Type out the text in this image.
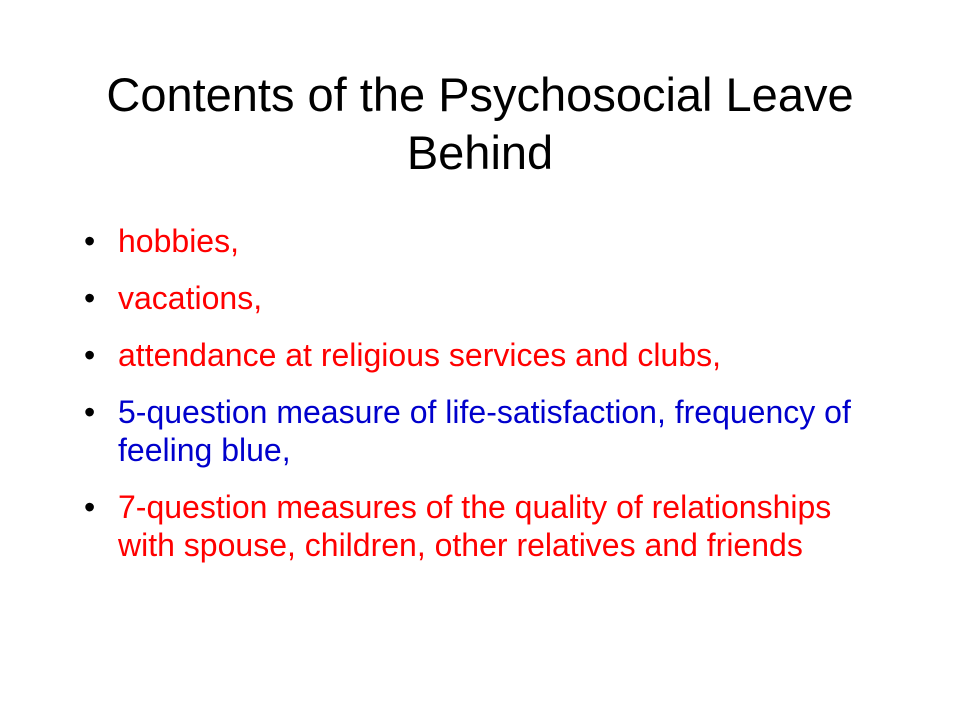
Contents of the Psychosocial Leave Behind
• hobbies,
• vacations,
• attendance at religious services and clubs,
• 5-question measure of life-satisfaction, frequency of feeling blue,
• 7-question measures of the quality of relationships with spouse, children, other relatives and friends
